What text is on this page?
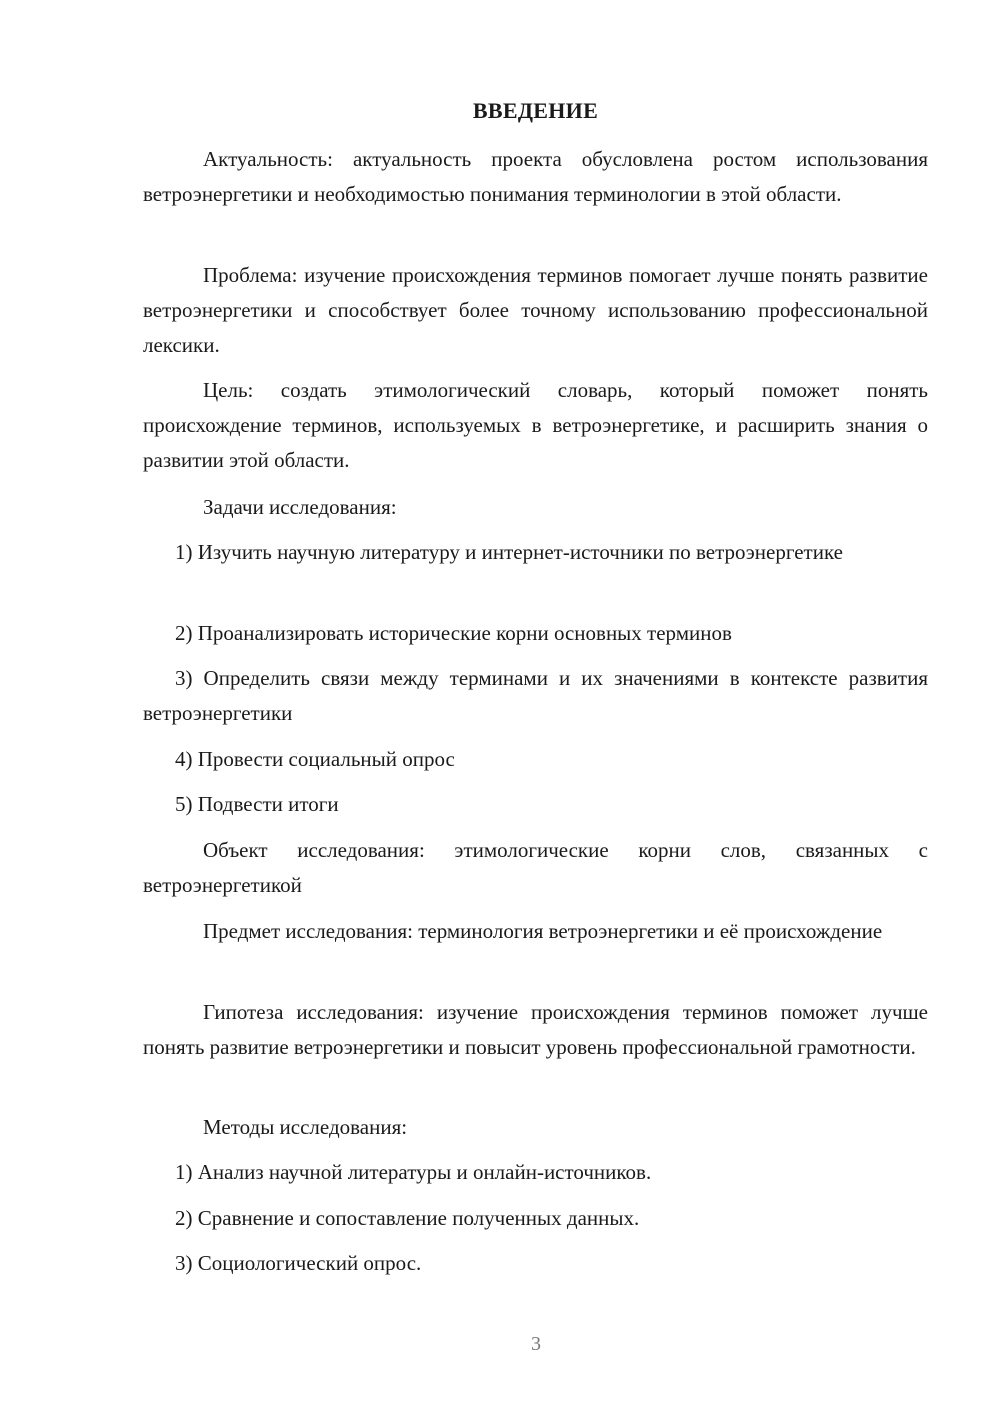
ВВЕДЕНИЕ

Актуальность: актуальность проекта обусловлена ростом использования ветроэнергетики и необходимостью понимания терминологии в этой области.

Проблема: изучение происхождения терминов помогает лучше понять развитие ветроэнергетики и способствует более точному использованию профессиональной лексики.

Цель: создать этимологический словарь, который поможет понять происхождение терминов, используемых в ветроэнергетике, и расширить знания о развитии этой области.

Задачи исследования:

1) Изучить научную литературу и интернет-источники по ветроэнергетике

2) Проанализировать исторические корни основных терминов

3) Определить связи между терминами и их значениями в контексте развития ветроэнергетики

4) Провести социальный опрос

5) Подвести итоги

Объект исследования: этимологические корни слов, связанных с ветроэнергетикой

Предмет исследования: терминология ветроэнергетики и её происхождение

Гипотеза исследования: изучение происхождения терминов поможет лучше понять развитие ветроэнергетики и повысит уровень профессиональной грамотности.

Методы исследования:

1) Анализ научной литературы и онлайн-источников.

2) Сравнение и сопоставление полученных данных.

3) Социологический опрос.

3
